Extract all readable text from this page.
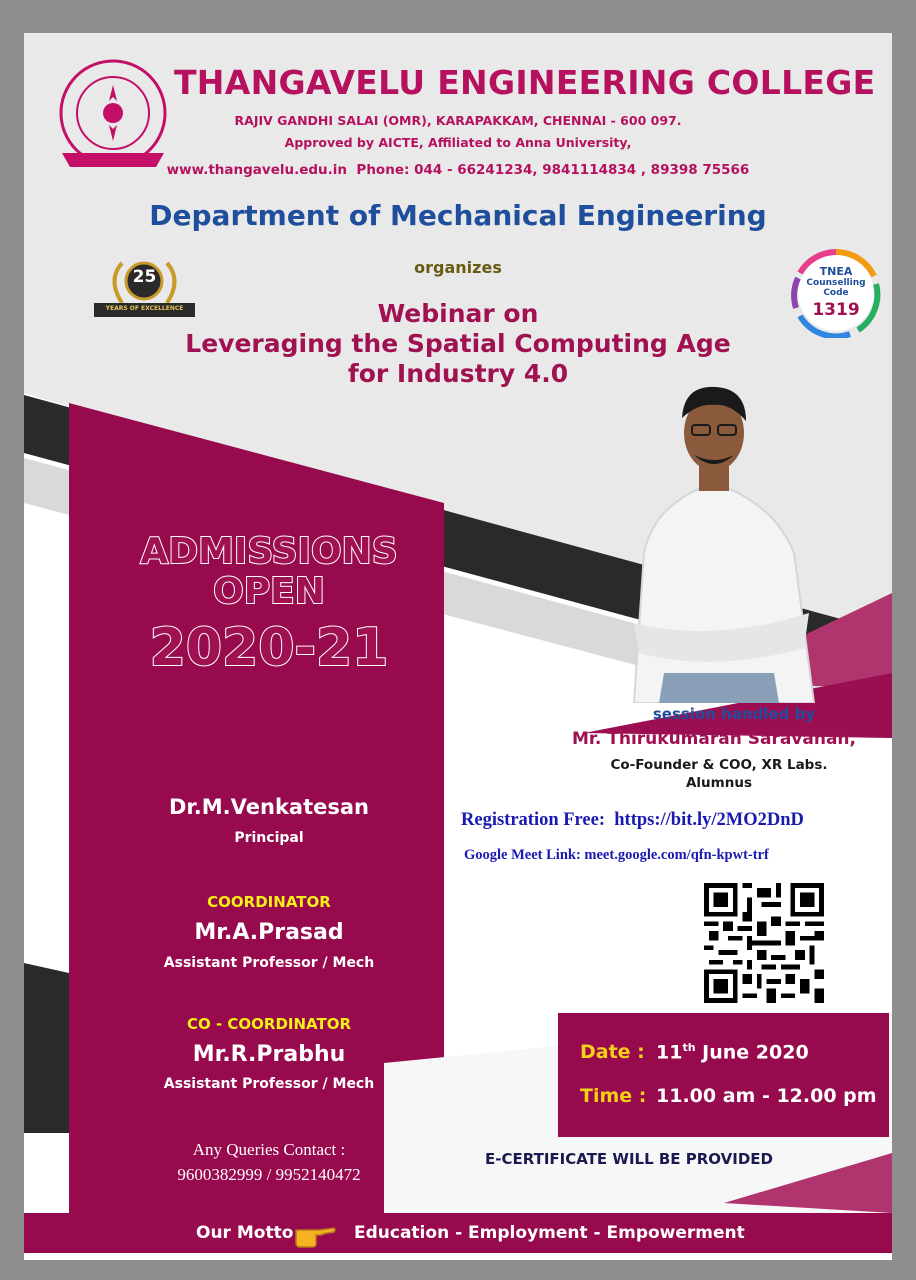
THANGAVELU ENGINEERING COLLEGE
RAJIV GANDHI SALAI (OMR), KARAPAKKAM, CHENNAI - 600 097.
Approved by AICTE, Affiliated to Anna University,
www.thangavelu.edu.in Phone: 044 - 66241234, 9841114834 , 89398 75566
Department of Mechanical Engineering
25
YEARS OF EXCELLENCE
organizes	TNEA
Counselling
Code
1319
Webinar on
Leveraging the Spatial Computing Age
for Industry 4.0
ADMISSIONS
OPEN
2020-21
Dr.M.Venkatesan
Principal
COORDINATOR
Mr.A.Prasad
Assistant Professor / Mech
CO - COORDINATOR
Mr.R.Prabhu
Assistant Professor / Mech
Any Queries Contact :
9600382999 / 9952140472
session handled by
Mr. Thirukumaran Saravanan,
Co-Founder & COO, XR Labs.
Alumnus
Registration Free: https://bit.ly/2MO2DnD
Google Meet Link: meet.google.com/qfn-kpwt-trf
Date : 11th June 2020
Time : 11.00 am - 12.00 pm
E-CERTIFICATE WILL BE PROVIDED
Our Motto	Education - Employment - Empowerment
